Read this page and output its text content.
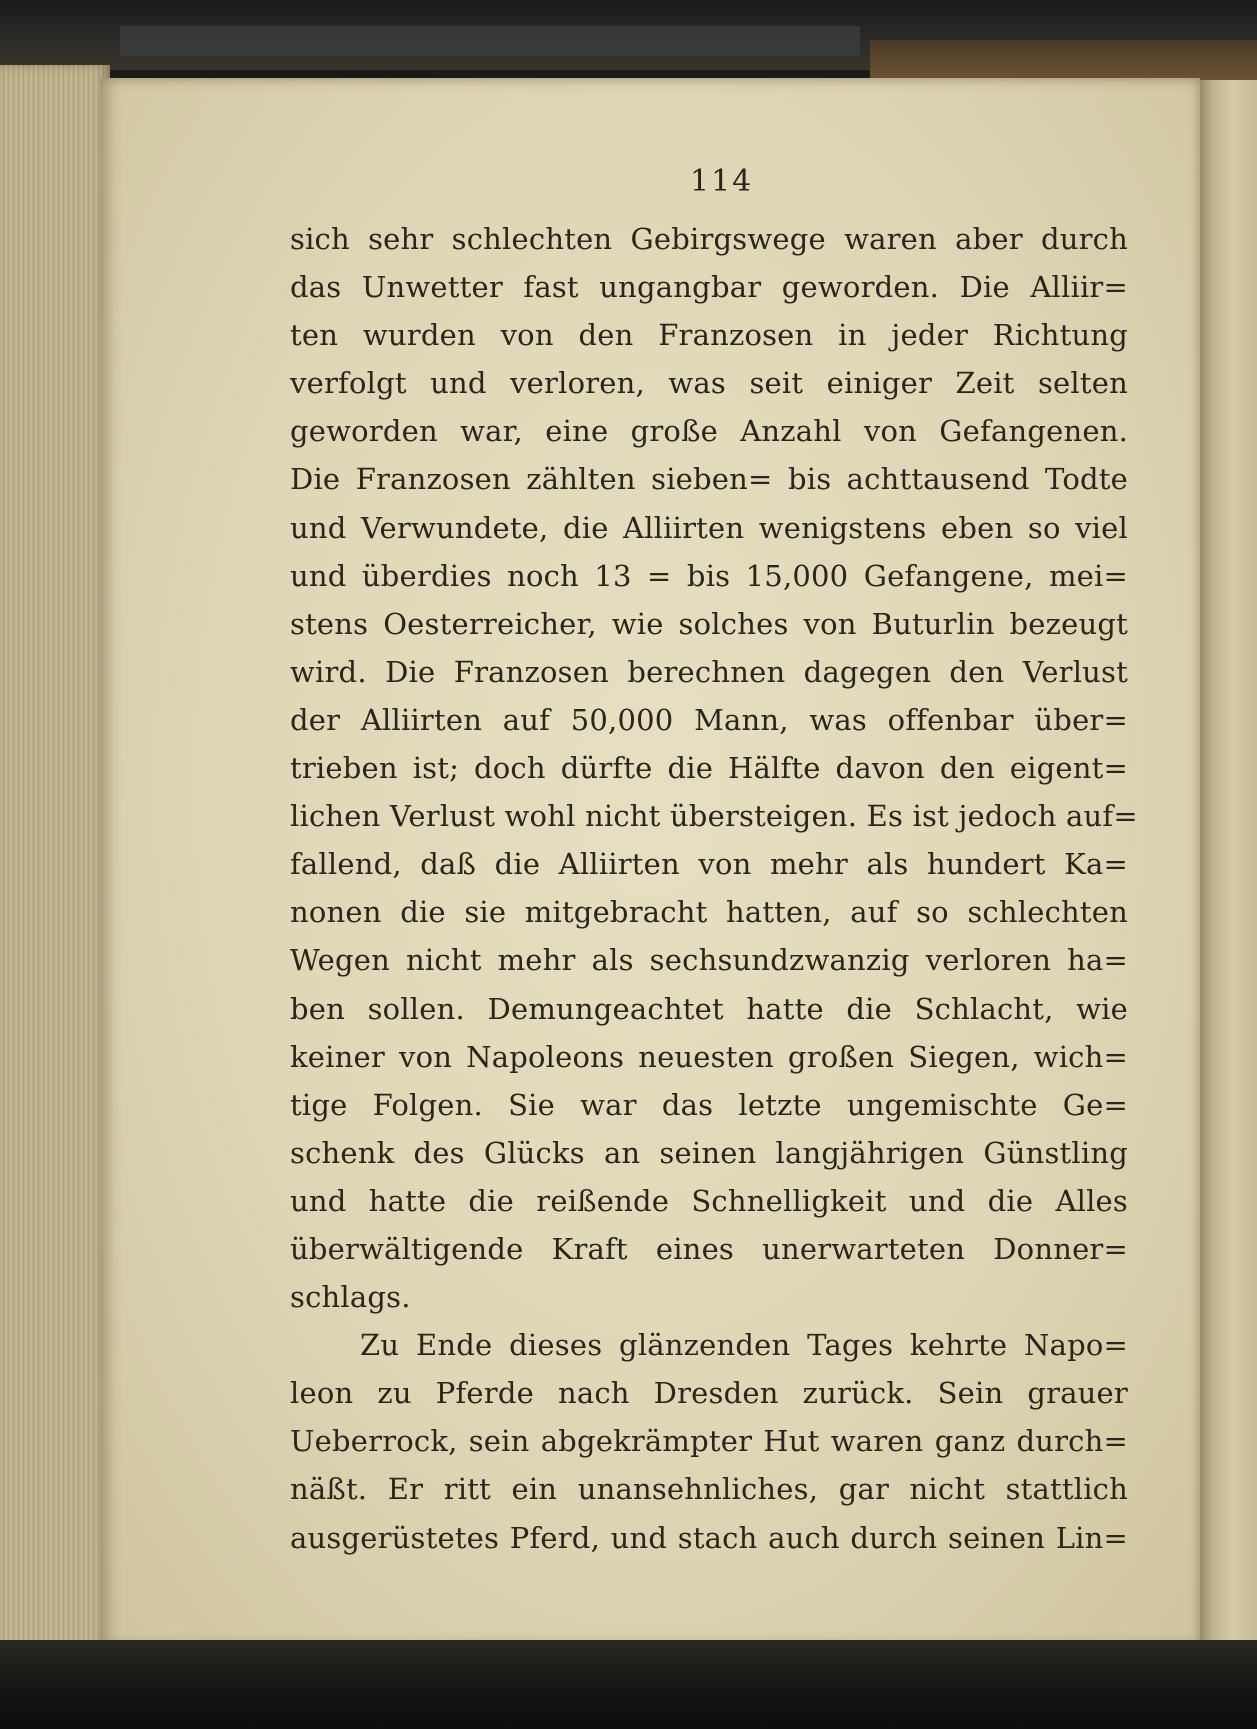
114
sich sehr schlechten Gebirgswege waren aber durch
das Unwetter fast ungangbar geworden. Die Alliir=
ten wurden von den Franzosen in jeder Richtung
verfolgt und verloren, was seit einiger Zeit selten
geworden war, eine große Anzahl von Gefangenen.
Die Franzosen zählten sieben= bis achttausend Todte
und Verwundete, die Alliirten wenigstens eben so viel
und überdies noch 13 = bis 15,000 Gefangene, mei=
stens Oesterreicher, wie solches von Buturlin bezeugt
wird. Die Franzosen berechnen dagegen den Verlust
der Alliirten auf 50,000 Mann, was offenbar über=
trieben ist; doch dürfte die Hälfte davon den eigent=
lichen Verlust wohl nicht übersteigen. Es ist jedoch auf=
fallend, daß die Alliirten von mehr als hundert Ka=
nonen die sie mitgebracht hatten, auf so schlechten
Wegen nicht mehr als sechsundzwanzig verloren ha=
ben sollen. Demungeachtet hatte die Schlacht, wie
keiner von Napoleons neuesten großen Siegen, wich=
tige Folgen. Sie war das letzte ungemischte Ge=
schenk des Glücks an seinen langjährigen Günstling
und hatte die reißende Schnelligkeit und die Alles
überwältigende Kraft eines unerwarteten Donner=
schlags.
Zu Ende dieses glänzenden Tages kehrte Napo=
leon zu Pferde nach Dresden zurück. Sein grauer
Ueberrock, sein abgekrämpter Hut waren ganz durch=
näßt. Er ritt ein unansehnliches, gar nicht stattlich
ausgerüstetes Pferd, und stach auch durch seinen Lin=
